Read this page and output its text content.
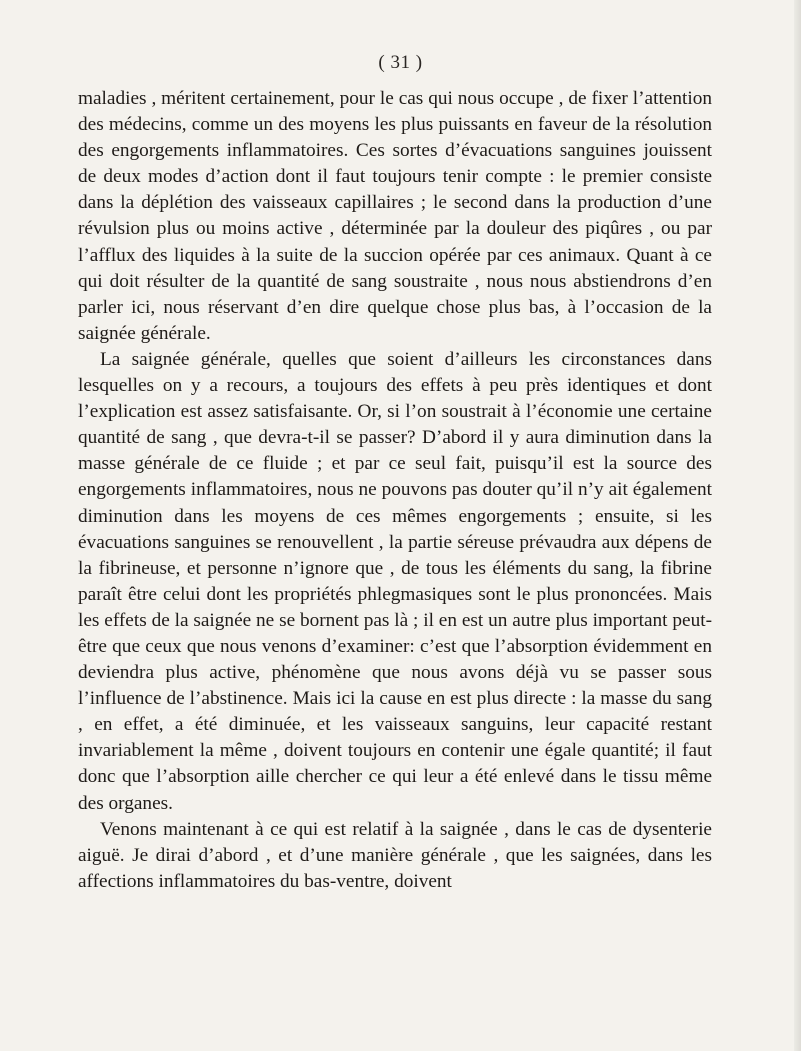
( 31 )

maladies , méritent certainement, pour le cas qui nous occupe , de fixer l’attention des médecins, comme un des moyens les plus puissants en faveur de la résolution des engorgements inflammatoires. Ces sortes d’évacuations sanguines jouissent de deux modes d’action dont il faut toujours tenir compte : le premier consiste dans la déplétion des vaisseaux capillaires ; le second dans la production d’une révulsion plus ou moins active , déterminée par la douleur des piqûres , ou par l’afflux des liquides à la suite de la succion opérée par ces animaux. Quant à ce qui doit résulter de la quantité de sang soustraite , nous nous abstiendrons d’en parler ici, nous réservant d’en dire quelque chose plus bas, à l’occasion de la saignée générale.

La saignée générale, quelles que soient d’ailleurs les circonstances dans lesquelles on y a recours, a toujours des effets à peu près identiques et dont l’explication est assez satisfaisante. Or, si l’on soustrait à l’économie une certaine quantité de sang , que devra-t-il se passer? D’abord il y aura diminution dans la masse générale de ce fluide ; et par ce seul fait, puisqu’il est la source des engorgements inflammatoires, nous ne pouvons pas douter qu’il n’y ait également diminution dans les moyens de ces mêmes engorgements ; ensuite, si les évacuations sanguines se renouvellent , la partie séreuse prévaudra aux dépens de la fibrineuse, et personne n’ignore que , de tous les éléments du sang, la fibrine paraît être celui dont les propriétés phlegmasiques sont le plus prononcées. Mais les effets de la saignée ne se bornent pas là ; il en est un autre plus important peut-être que ceux que nous venons d’examiner: c’est que l’absorption évidemment en deviendra plus active, phénomène que nous avons déjà vu se passer sous l’influence de l’abstinence. Mais ici la cause en est plus directe : la masse du sang , en effet, a été diminuée, et les vaisseaux sanguins, leur capacité restant invariablement la même , doivent toujours en contenir une égale quantité; il faut donc que l’absorption aille chercher ce qui leur a été enlevé dans le tissu même des organes.

Venons maintenant à ce qui est relatif à la saignée , dans le cas de dysenterie aiguë. Je dirai d’abord , et d’une manière générale , que les saignées, dans les affections inflammatoires du bas-ventre, doivent
